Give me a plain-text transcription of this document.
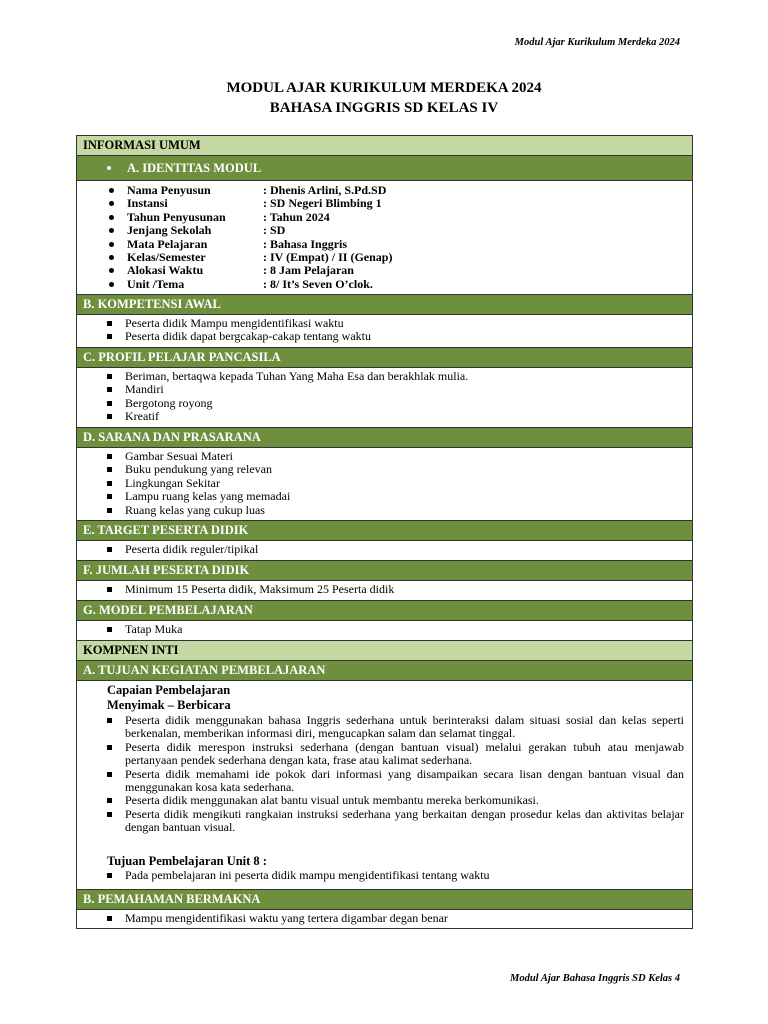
Modul Ajar Kurikulum Merdeka 2024
MODUL AJAR KURIKULUM MERDEKA 2024
BAHASA INGGRIS SD KELAS IV
INFORMASI UMUM
A. IDENTITAS MODUL
Nama Penyusun	: Dhenis Arlini, S.Pd.SD
Instansi	: SD Negeri Blimbing 1
Tahun Penyusunan	: Tahun 2024
Jenjang Sekolah	: SD
Mata Pelajaran	: Bahasa Inggris
Kelas/Semester	: IV (Empat) / II (Genap)
Alokasi Waktu	: 8 Jam Pelajaran
Unit /Tema	: 8/ It’s Seven O’clok.
B. KOMPETENSI AWAL
Peserta didik Mampu mengidentifikasi waktu
Peserta didik dapat bergcakap-cakap tentang waktu
C. PROFIL PELAJAR PANCASILA
Beriman, bertaqwa kepada Tuhan Yang Maha Esa dan berakhlak mulia.
Mandiri
Bergotong royong
Kreatif
D. SARANA DAN PRASARANA
Gambar Sesuai Materi
Buku pendukung yang relevan
Lingkungan Sekitar
Lampu ruang kelas yang memadai
Ruang kelas yang cukup luas
E. TARGET PESERTA DIDIK
Peserta didik reguler/tipikal
F. JUMLAH PESERTA DIDIK
Minimum 15 Peserta didik, Maksimum 25 Peserta didik
G. MODEL PEMBELAJARAN
Tatap Muka
KOMPNEN INTI
A. TUJUAN KEGIATAN PEMBELAJARAN
Capaian Pembelajaran
Menyimak – Berbicara
Peserta didik menggunakan bahasa Inggris sederhana untuk berinteraksi dalam situasi sosial dan kelas seperti berkenalan, memberikan informasi diri, mengucapkan salam dan selamat tinggal.
Peserta didik merespon instruksi sederhana (dengan bantuan visual) melalui gerakan tubuh atau menjawab pertanyaan pendek sederhana dengan kata, frase atau kalimat sederhana.
Peserta didik memahami ide pokok dari informasi yang disampaikan secara lisan dengan bantuan visual dan menggunakan kosa kata sederhana.
Peserta didik menggunakan alat bantu visual untuk membantu mereka berkomunikasi.
Peserta didik mengikuti rangkaian instruksi sederhana yang berkaitan dengan prosedur kelas dan aktivitas belajar dengan bantuan visual.
Tujuan Pembelajaran Unit 8 :
Pada pembelajaran ini peserta didik mampu mengidentifikasi tentang waktu
B. PEMAHAMAN BERMAKNA
Mampu mengidentifikasi waktu yang tertera digambar degan benar
Modul Ajar Bahasa Inggris SD Kelas 4
